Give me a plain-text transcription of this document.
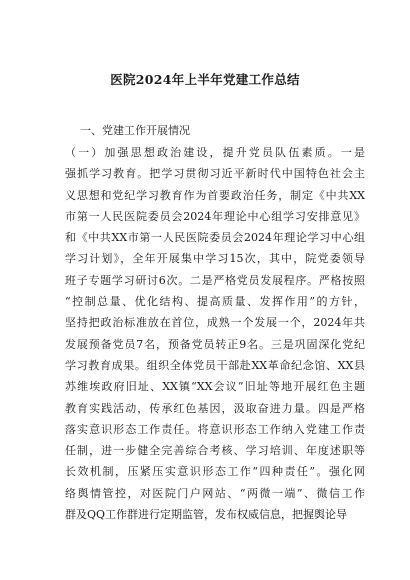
医院2024年上半年党建工作总结
一、党建工作开展情况
（一）加强思想政治建设，提升党员队伍素质。一是
强抓学习教育。把学习贯彻习近平新时代中国特色社会主
义思想和党纪学习教育作为首要政治任务，制定《中共XX
市第一人民医院委员会2024年理论中心组学习安排意见》
和《中共XX市第一人民医院委员会2024年理论学习中心组
学习计划》，全年开展集中学习15次，其中，院党委领导
班子专题学习研讨6次。二是严格党员发展程序。严格按照
“控制总量、优化结构、提高质量、发挥作用”的方针，
坚持把政治标准放在首位，成熟一个发展一个，2024年共
发展预备党员7名，预备党员转正9名。三是巩固深化党纪
学习教育成果。组织全体党员干部赴XX革命纪念馆、XX县
苏维埃政府旧址、XX镇“XX会议”旧址等地开展红色主题
教育实践活动，传承红色基因，汲取奋进力量。四是严格
落实意识形态工作责任。将意识形态工作纳入党建工作责
任制，进一步健全完善综合考核、学习培训、年度述职等
长效机制，压紧压实意识形态工作“四种责任”。强化网
络舆情管控，对医院门户网站、“两微一端”、微信工作
群及QQ工作群进行定期监管，发布权威信息，把握舆论导
